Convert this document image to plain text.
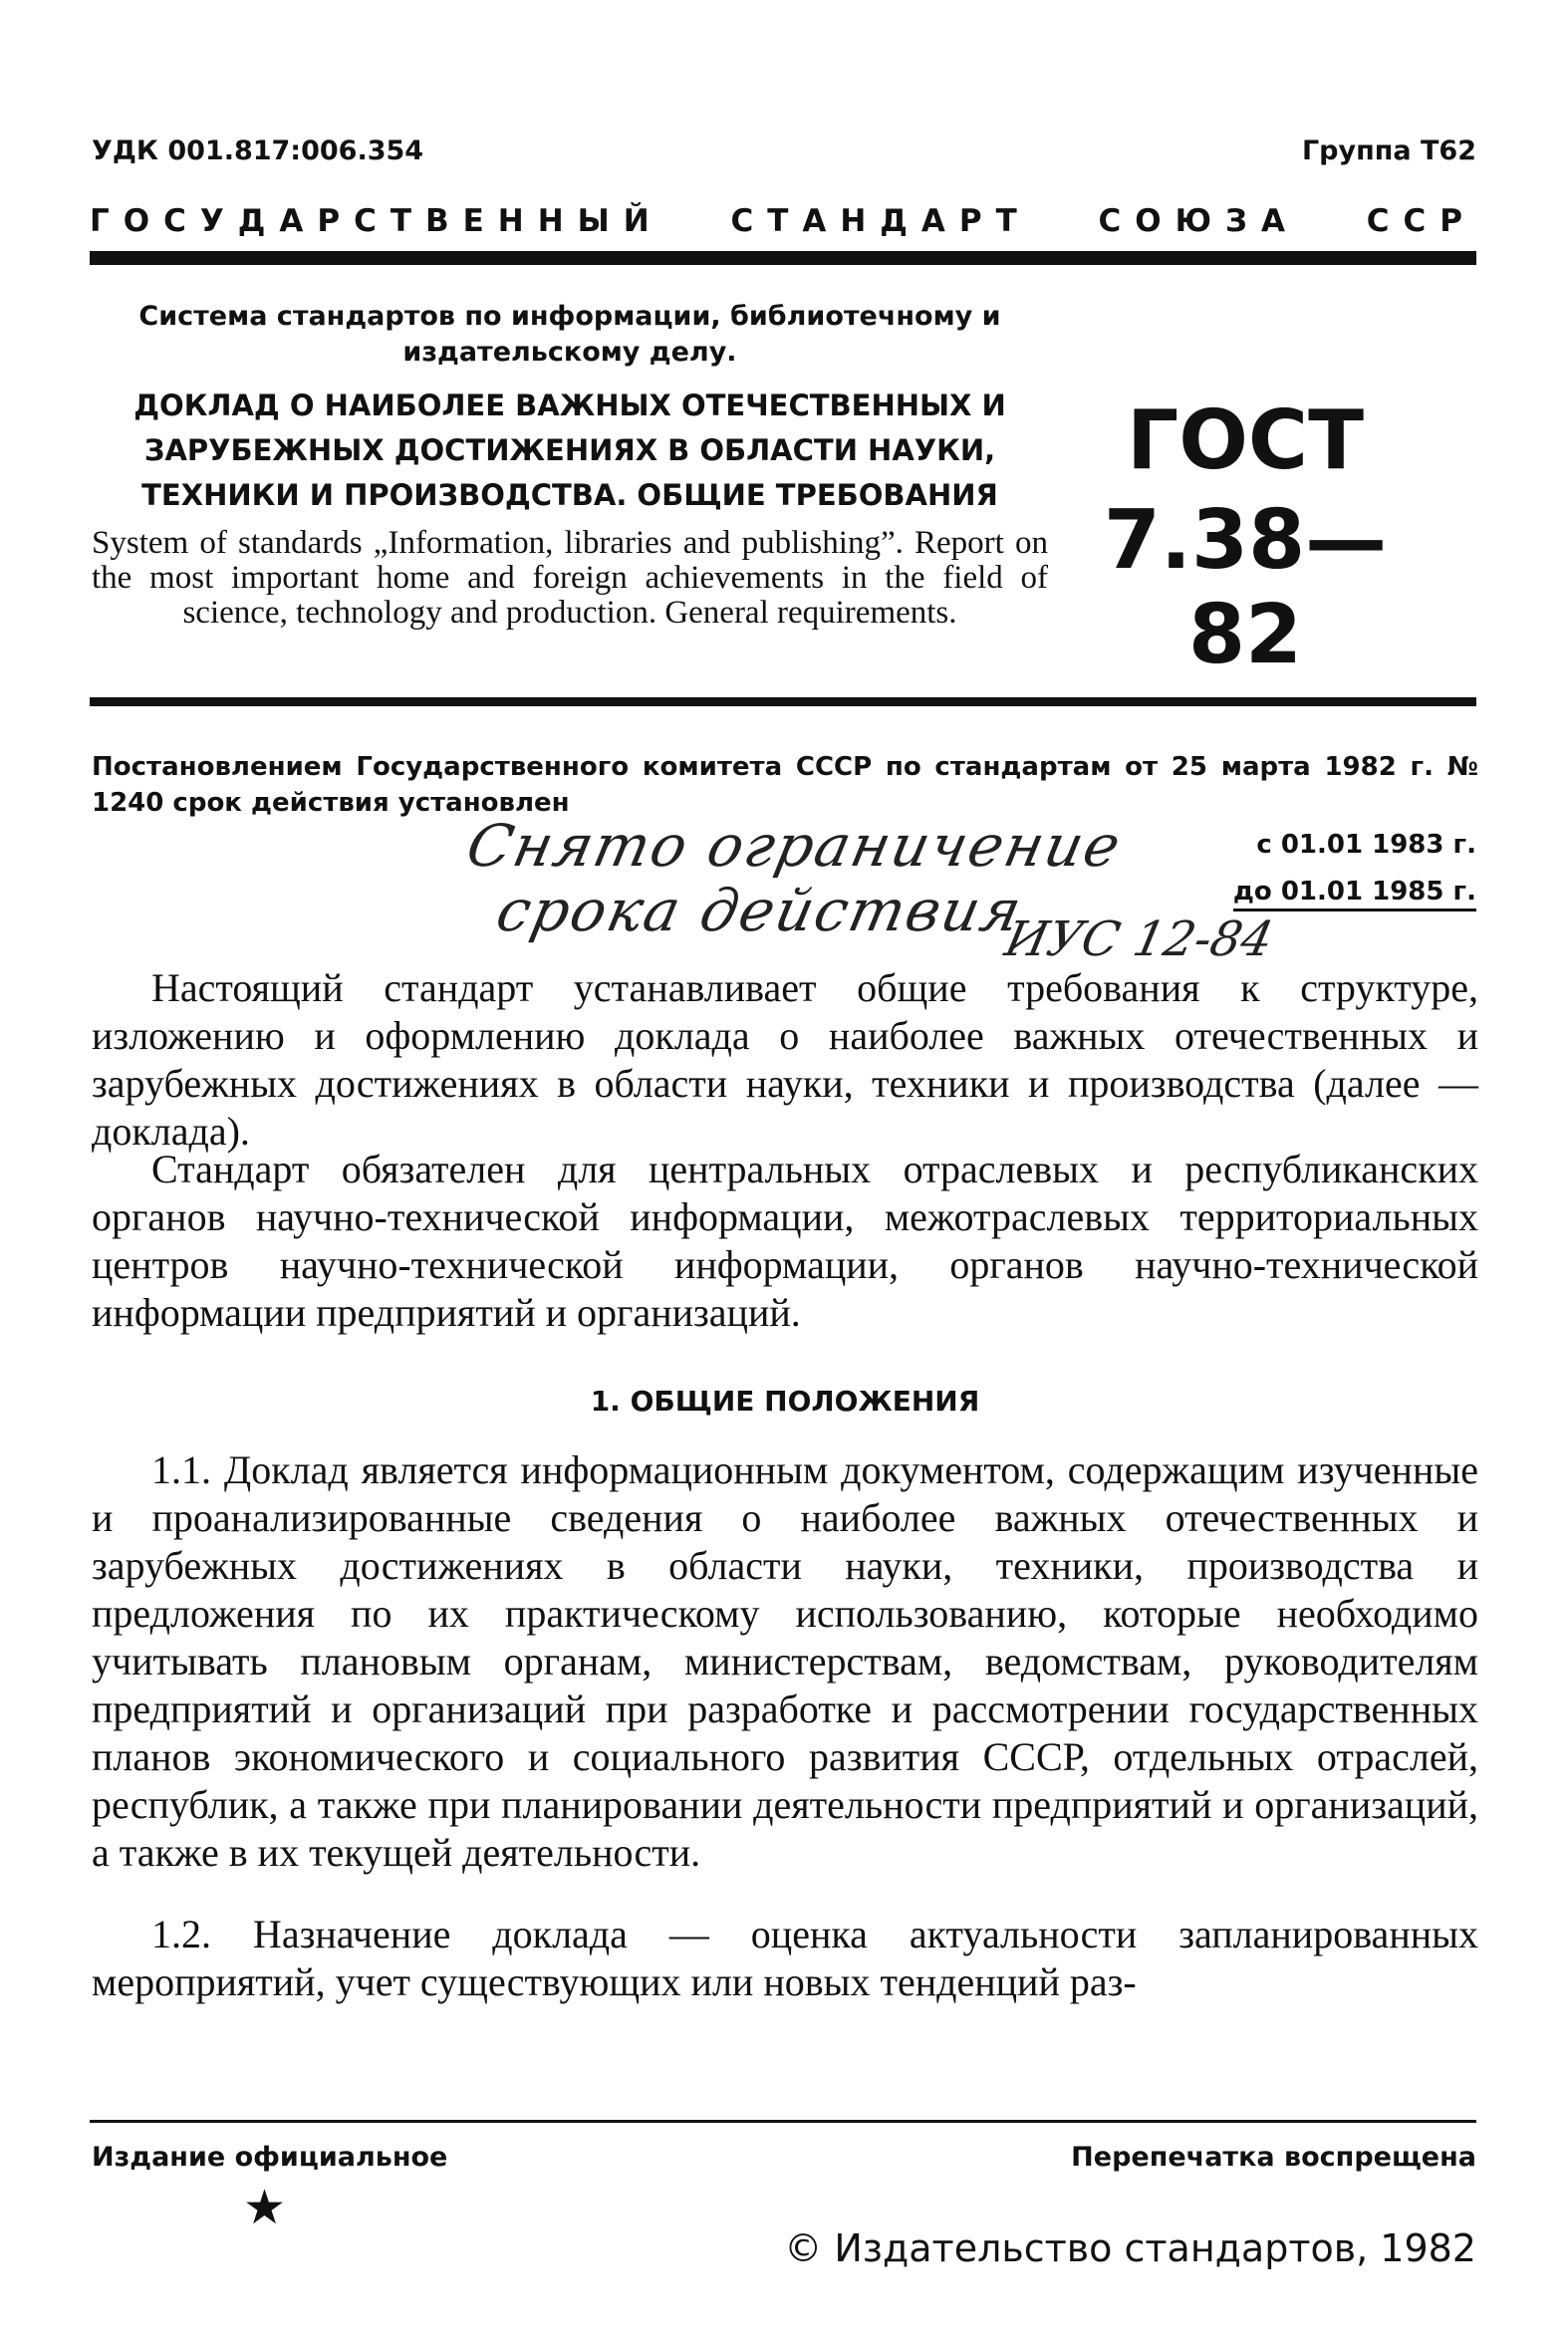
УДК 001.817:006.354	Группа Т62
ГОСУДАРСТВЕННЫЙ СТАНДАРТ СОЮЗА ССР
Система стандартов по информации, библиотечному и издательскому делу.
ДОКЛАД О НАИБОЛЕЕ ВАЖНЫХ ОТЕЧЕСТВЕННЫХ И ЗАРУБЕЖНЫХ ДОСТИЖЕНИЯХ В ОБЛАСТИ НАУКИ, ТЕХНИКИ И ПРОИЗВОДСТВА. ОБЩИЕ ТРЕБОВАНИЯ
System of standards „Information, libraries and publishing”. Report on the most important home and foreign achievements in the field of science, technology and production. General requirements.
ГОСТ
7.38—82
Постановлением Государственного комитета СССР по стандартам от 25 марта 1982 г. № 1240 срок действия установлен
с 01.01 1983 г.
до 01.01 1985 г.
Снято ограничение
срока действия
ИУС 12-84

Настоящий стандарт устанавливает общие требования к структуре, изложению и оформлению доклада о наиболее важных отечественных и зарубежных достижениях в области науки, техники и производства (далее — доклада).

Стандарт обязателен для центральных отраслевых и республиканских органов научно-технической информации, межотраслевых территориальных центров научно-технической информации, органов научно-технической информации предприятий и организаций.

1. ОБЩИЕ ПОЛОЖЕНИЯ

1.1. Доклад является информационным документом, содержащим изученные и проанализированные сведения о наиболее важных отечественных и зарубежных достижениях в области науки, техники, производства и предложения по их практическому использованию, которые необходимо учитывать плановым органам, министерствам, ведомствам, руководителям предприятий и организаций при разработке и рассмотрении государственных планов экономического и социального развития СССР, отдельных отраслей, республик, а также при планировании деятельности предприятий и организаций, а также в их текущей деятельности.

1.2. Назначение доклада — оценка актуальности запланированных мероприятий, учет существующих или новых тенденций раз-

Издание официальное	Перепечатка воспрещена
★
© Издательство стандартов, 1982
